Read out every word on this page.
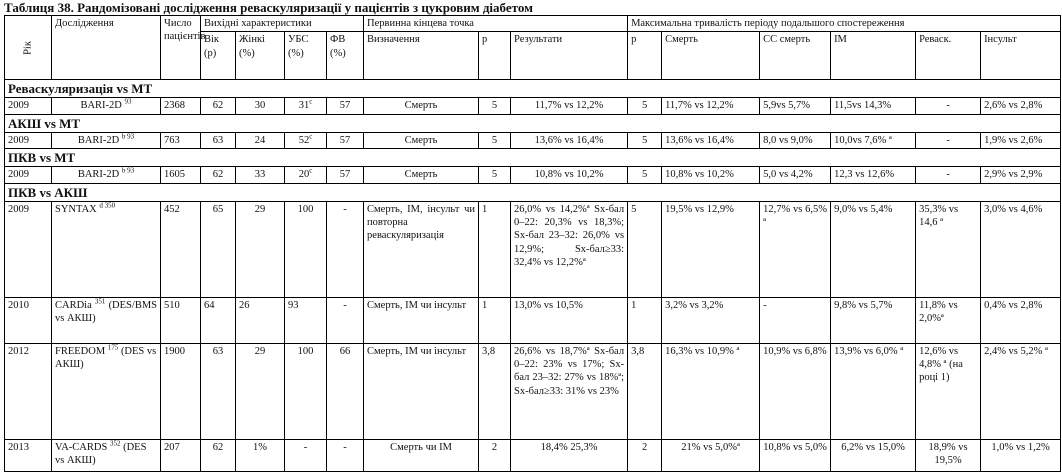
Таблиця 38. Рандомізовані дослідження реваскуляризації у пацієнтів з цукровим діабетом
Рік	Дослідження	Число пацієнтів	Вихідні характеристики				Первинна кінцева точка			Максимальна тривалість періоду подальшого спостереження					
			Вік (р)	Жінкі (%)	УБС (%)	ФВ (%)	Визначення	р	Результати	р	Смерть	СС смерть	ІМ	Реваск.	Інсульт
Реваскуляризація vs МТ															
2009	BARI-2D $^{93}$	2368	62	30	31$^c$	57	Смерть	5	11,7% vs 12,2%	5	11,7% vs 12,2%	5,9vs 5,7%	11,5vs 14,3%	-	2,6% vs 2,8%
АКШ vs МТ															
2009	BARI-2D $^{b 93}$	763	63	24	52$^c$	57	Смерть	5	13,6% vs 16,4%	5	13,6% vs 16,4%	8,0 vs 9,0%	10,0vs 7,6% ª	-	1,9% vs 2,6%
ПКВ vs МТ															
2009	BARI-2D $^{b 93}$	1605	62	33	20$^c$	57	Смерть	5	10,8% vs 10,2%	5	10,8% vs 10,2%	5,0 vs 4,2%	12,3 vs 12,6%	-	2,9% vs 2,9%
ПКВ vs АКШ															
2009	SYNTAX $^{d 350}$	452	65	29	100	-	Смерть, ІМ, інсульт чи повторна реваскуляризація	1	26,0% vs 14,2%ª Sx-бал 0–22: 20,3% vs 18,3%; Sx-бал 23–32: 26,0% vs 12,9%; Sx-бал≥33: 32,4% vs 12,2%ª	5	19,5% vs 12,9%	12,7% vs 6,5% ª	9,0% vs 5,4%	35,3% vs 14,6 ª	3,0% vs 4,6%
2010	CARDia $^{351}$ (DES/BMS vs АКШ)	510	64	26	93	-	Смерть, ІМ чи інсульт	1	13,0% vs 10,5%	1	3,2% vs 3,2%	-	9,8% vs 5,7%	11,8% vs 2,0%ª	0,4% vs 2,8%
2012	FREEDOM $^{175}$ (DES vs АКШ)	1900	63	29	100	66	Смерть, ІМ чи інсульт	3,8	26,6% vs 18,7%ª Sx-бал 0–22: 23% vs 17%; Sx-бал 23–32: 27% vs 18%ª; Sx-бал≥33: 31% vs 23%	3,8	16,3% vs 10,9% ª	10,9% vs 6,8%	13,9% vs 6,0% ª	12,6% vs 4,8% ª (на році 1)	2,4% vs 5,2% ª
2013	VA-CARDS $^{352}$ (DES vs АКШ)	207	62	1%	-	-	Смерть чи ІМ	2	18,4% 25,3%	2	21% vs 5,0%ª	10,8% vs 5,0%	6,2% vs 15,0%	18,9% vs 19,5%	1,0% vs 1,2%
